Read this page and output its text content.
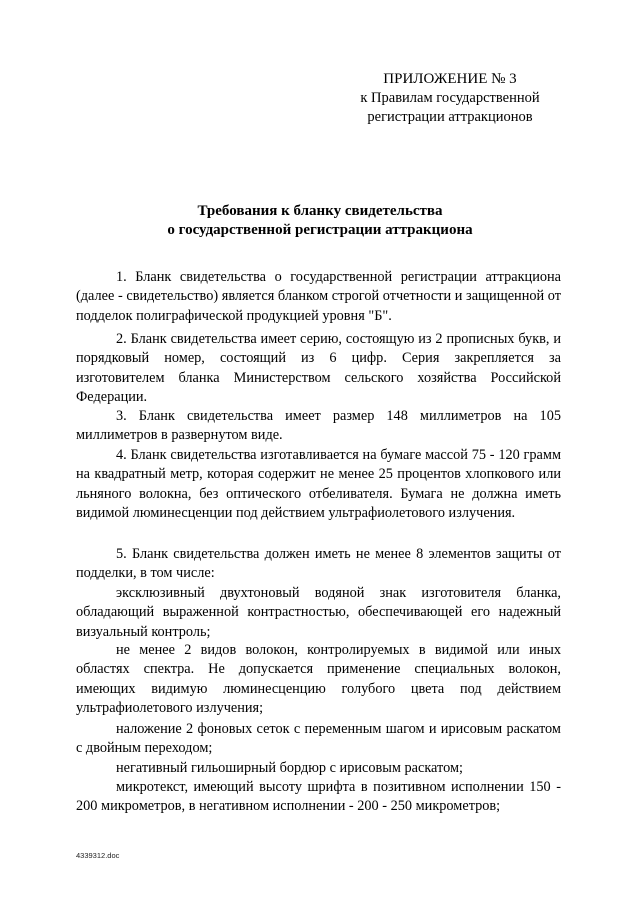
ПРИЛОЖЕНИЕ № 3
к Правилам государственной
регистрации аттракционов
Требования к бланку свидетельства
о государственной регистрации аттракциона

1. Бланк свидетельства о государственной регистрации аттракциона (далее - свидетельство) является бланком строгой отчетности и защищенной от подделок полиграфической продукцией уровня "Б".

2. Бланк свидетельства имеет серию, состоящую из 2 прописных букв, и порядковый номер, состоящий из 6 цифр. Серия закрепляется за изготовителем бланка Министерством сельского хозяйства Российской Федерации.

3. Бланк свидетельства имеет размер 148 миллиметров на 105 миллиметров в развернутом виде.

4. Бланк свидетельства изготавливается на бумаге массой 75 - 120 грамм на квадратный метр, которая содержит не менее 25 процентов хлопкового или льняного волокна, без оптического отбеливателя. Бумага не должна иметь видимой люминесценции под действием ультрафиолетового излучения.

5. Бланк свидетельства должен иметь не менее 8 элементов защиты от подделки, в том числе:

эксклюзивный двухтоновый водяной знак изготовителя бланка, обладающий выраженной контрастностью, обеспечивающей его надежный визуальный контроль;

не менее 2 видов волокон, контролируемых в видимой или иных областях спектра. Не допускается применение специальных волокон, имеющих видимую люминесценцию голубого цвета под действием ультрафиолетового излучения;

наложение 2 фоновых сеток с переменным шагом и ирисовым раскатом с двойным переходом;

негативный гильоширный бордюр с ирисовым раскатом;

микротекст, имеющий высоту шрифта в позитивном исполнении 150 - 200 микрометров, в негативном исполнении - 200 - 250 микрометров;

4339312.doc
